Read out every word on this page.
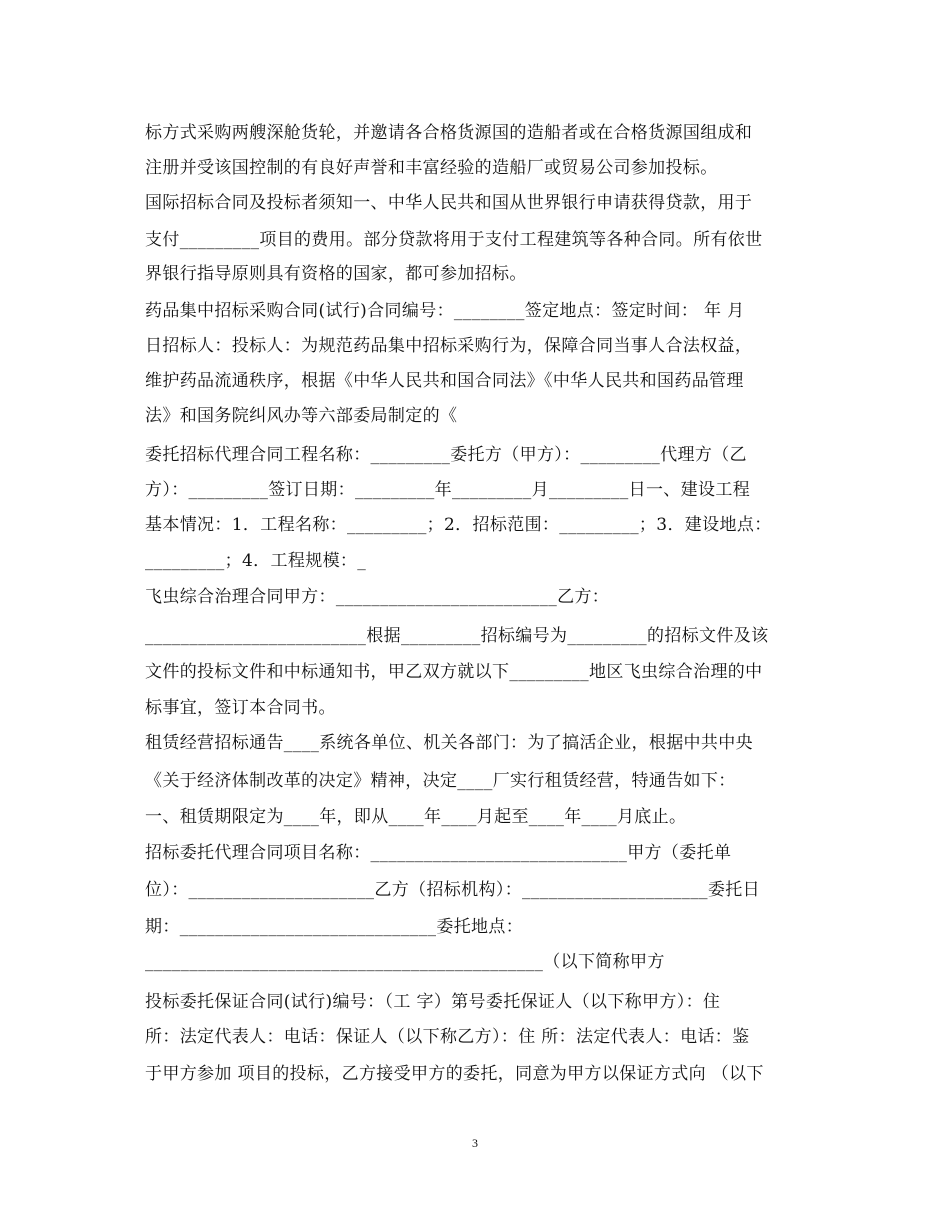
标方式采购两艘深舱货轮，并邀请各合格货源国的造船者或在合格货源国组成和
注册并受该国控制的有良好声誉和丰富经验的造船厂或贸易公司参加投标。
国际招标合同及投标者须知一、中华人民共和国从世界银行申请获得贷款，用于
支付_________项目的费用。部分贷款将用于支付工程建筑等各种合同。所有依世
界银行指导原则具有资格的国家，都可参加招标。
药品集中招标采购合同(试行)合同编号：________签定地点：签定时间： 年 月
日招标人：投标人：为规范药品集中招标采购行为，保障合同当事人合法权益，
维护药品流通秩序，根据《中华人民共和国合同法》《中华人民共和国药品管理
法》和国务院纠风办等六部委局制定的《
委托招标代理合同工程名称：_________委托方（甲方）：_________代理方（乙
方）：_________签订日期：_________年_________月_________日一、建设工程
基本情况：1．工程名称：_________；2．招标范围：_________；3．建设地点：
_________；4．工程规模：_
飞虫综合治理合同甲方：_________________________乙方：
_________________________根据_________招标编号为_________的招标文件及该
文件的投标文件和中标通知书，甲乙双方就以下_________地区飞虫综合治理的中
标事宜，签订本合同书。
租赁经营招标通告____系统各单位、机关各部门：为了搞活企业，根据中共中央
《关于经济体制改革的决定》精神，决定____厂实行租赁经营，特通告如下：
一、租赁期限定为____年，即从____年____月起至____年____月底止。
招标委托代理合同项目名称：_____________________________甲方（委托单
位）：_____________________乙方（招标机构）：_____________________委托日
期：_____________________________委托地点：
_____________________________________________（以下简称甲方
投标委托保证合同(试行)编号：（工 字）第号委托保证人（以下称甲方）：住
所：法定代表人：电话：保证人（以下称乙方）：住 所：法定代表人：电话：鉴
于甲方参加 项目的投标，乙方接受甲方的委托，同意为甲方以保证方式向 （以下
3
